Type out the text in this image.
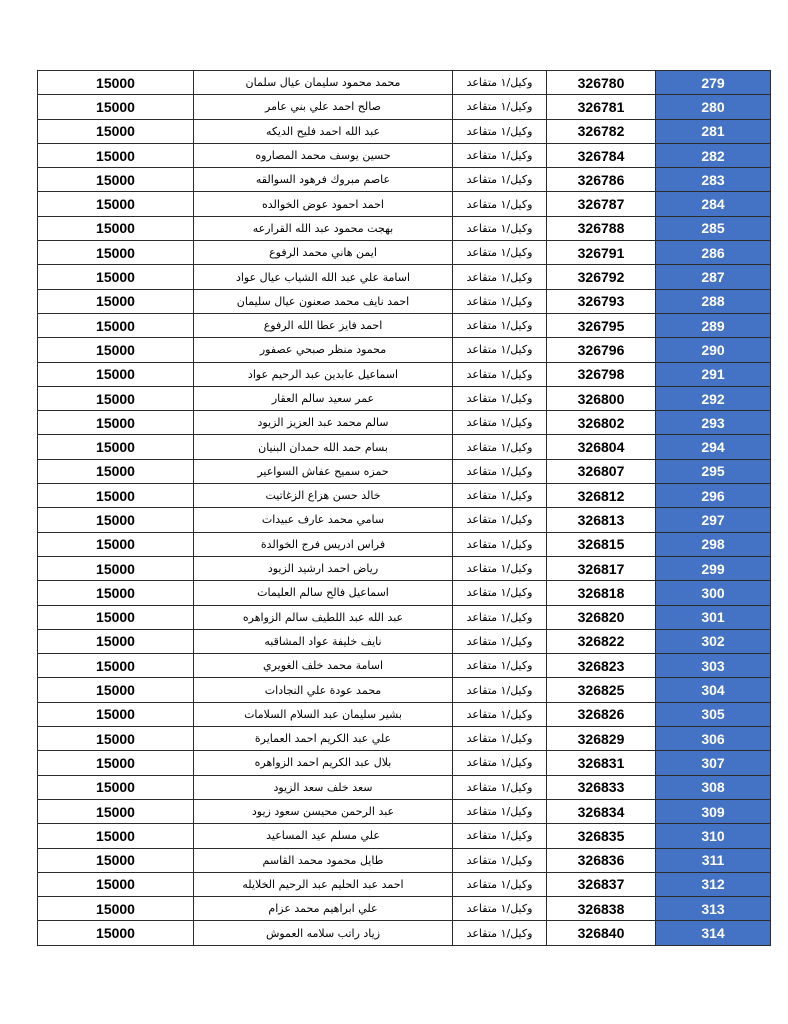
279	326780	وكيل/١ متقاعد	محمد محمود سليمان عيال سلمان	15000
280	326781	وكيل/١ متقاعد	صالح احمد علي بني عامر	15000
281	326782	وكيل/١ متقاعد	عبد الله احمد فليح الديكه	15000
282	326784	وكيل/١ متقاعد	حسين يوسف محمد المصاروه	15000
283	326786	وكيل/١ متقاعد	عاصم مبروك فرهود السوالقه	15000
284	326787	وكيل/١ متقاعد	احمد احمود عوض الخوالده	15000
285	326788	وكيل/١ متقاعد	بهجت محمود عبد الله القرارعه	15000
286	326791	وكيل/١ متقاعد	ايمن هاني محمد الرفوع	15000
287	326792	وكيل/١ متقاعد	اسامة علي عبد الله الشياب عيال عواد	15000
288	326793	وكيل/١ متقاعد	احمد نايف محمد صعنون عيال سليمان	15000
289	326795	وكيل/١ متقاعد	احمد فايز عطا الله الرفوع	15000
290	326796	وكيل/١ متقاعد	محمود منظر صبحي عصفور	15000
291	326798	وكيل/١ متقاعد	اسماعيل عابدين عبد الرحيم عواد	15000
292	326800	وكيل/١ متقاعد	عمر سعيد سالم العقار	15000
293	326802	وكيل/١ متقاعد	سالم محمد عبد العزيز الزيود	15000
294	326804	وكيل/١ متقاعد	بسام حمد الله حمدان البنيان	15000
295	326807	وكيل/١ متقاعد	حمزه سميح عفاش السواعير	15000
296	326812	وكيل/١ متقاعد	خالد حسن هزاع الزغاتيت	15000
297	326813	وكيل/١ متقاعد	سامي محمد عارف عبيدات	15000
298	326815	وكيل/١ متقاعد	فراس ادريس فرج الخوالدة	15000
299	326817	وكيل/١ متقاعد	رياض احمد ارشيد الزيود	15000
300	326818	وكيل/١ متقاعد	اسماعيل فالح سالم العليمات	15000
301	326820	وكيل/١ متقاعد	عبد الله عبد اللطيف سالم الزواهره	15000
302	326822	وكيل/١ متقاعد	نايف خليفة عواد المشاقبه	15000
303	326823	وكيل/١ متقاعد	اسامة محمد خلف الغويري	15000
304	326825	وكيل/١ متقاعد	محمد عودة علي النجادات	15000
305	326826	وكيل/١ متقاعد	بشير سليمان عبد السلام السلامات	15000
306	326829	وكيل/١ متقاعد	علي عبد الكريم احمد العمايرة	15000
307	326831	وكيل/١ متقاعد	بلال عبد الكريم احمد الزواهره	15000
308	326833	وكيل/١ متقاعد	سعد خلف سعد الزيود	15000
309	326834	وكيل/١ متقاعد	عبد الرحمن محيسن سعود زيود	15000
310	326835	وكيل/١ متقاعد	علي مسلم عيد المساعيد	15000
311	326836	وكيل/١ متقاعد	طايل محمود محمد القاسم	15000
312	326837	وكيل/١ متقاعد	احمد عبد الحليم عبد الرحيم الخلايله	15000
313	326838	وكيل/١ متقاعد	علي ابراهيم محمد عزام	15000
314	326840	وكيل/١ متقاعد	زياد راتب سلامه العموش	15000
